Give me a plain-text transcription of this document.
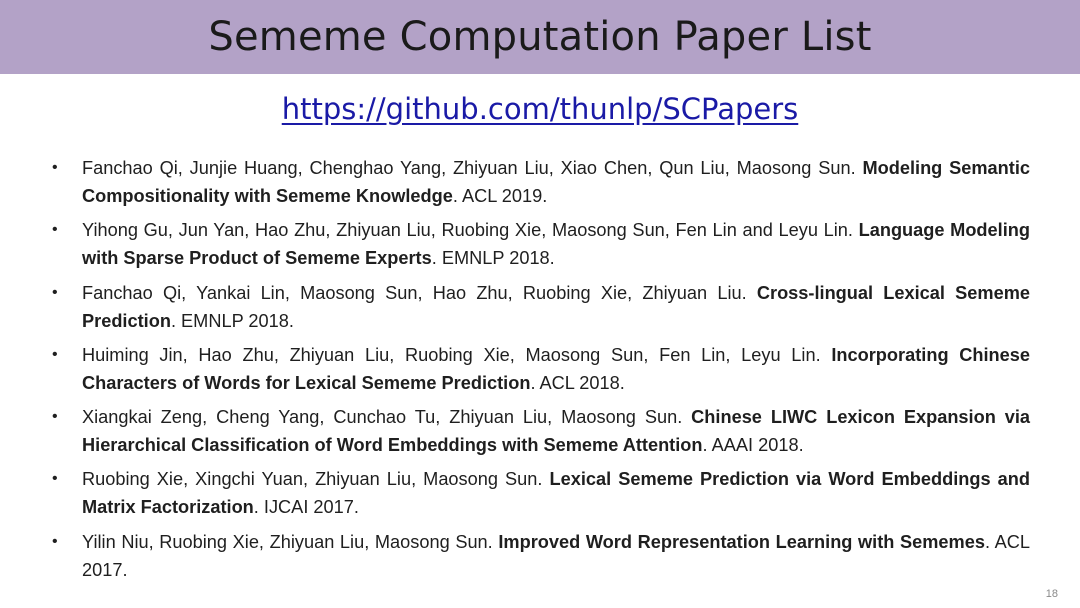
Sememe Computation Paper List
https://github.com/thunlp/SCPapers
• Fanchao Qi, Junjie Huang, Chenghao Yang, Zhiyuan Liu, Xiao Chen, Qun Liu, Maosong Sun. Modeling Semantic Compositionality with Sememe Knowledge. ACL 2019.
• Yihong Gu, Jun Yan, Hao Zhu, Zhiyuan Liu, Ruobing Xie, Maosong Sun, Fen Lin and Leyu Lin. Language Modeling with Sparse Product of Sememe Experts. EMNLP 2018.
• Fanchao Qi, Yankai Lin, Maosong Sun, Hao Zhu, Ruobing Xie, Zhiyuan Liu. Cross-lingual Lexical Sememe Prediction. EMNLP 2018.
• Huiming Jin, Hao Zhu, Zhiyuan Liu, Ruobing Xie, Maosong Sun, Fen Lin, Leyu Lin. Incorporating Chinese Characters of Words for Lexical Sememe Prediction. ACL 2018.
• Xiangkai Zeng, Cheng Yang, Cunchao Tu, Zhiyuan Liu, Maosong Sun. Chinese LIWC Lexicon Expansion via Hierarchical Classification of Word Embeddings with Sememe Attention. AAAI 2018.
• Ruobing Xie, Xingchi Yuan, Zhiyuan Liu, Maosong Sun. Lexical Sememe Prediction via Word Embeddings and Matrix Factorization. IJCAI 2017.
• Yilin Niu, Ruobing Xie, Zhiyuan Liu, Maosong Sun. Improved Word Representation Learning with Sememes. ACL 2017.
18
